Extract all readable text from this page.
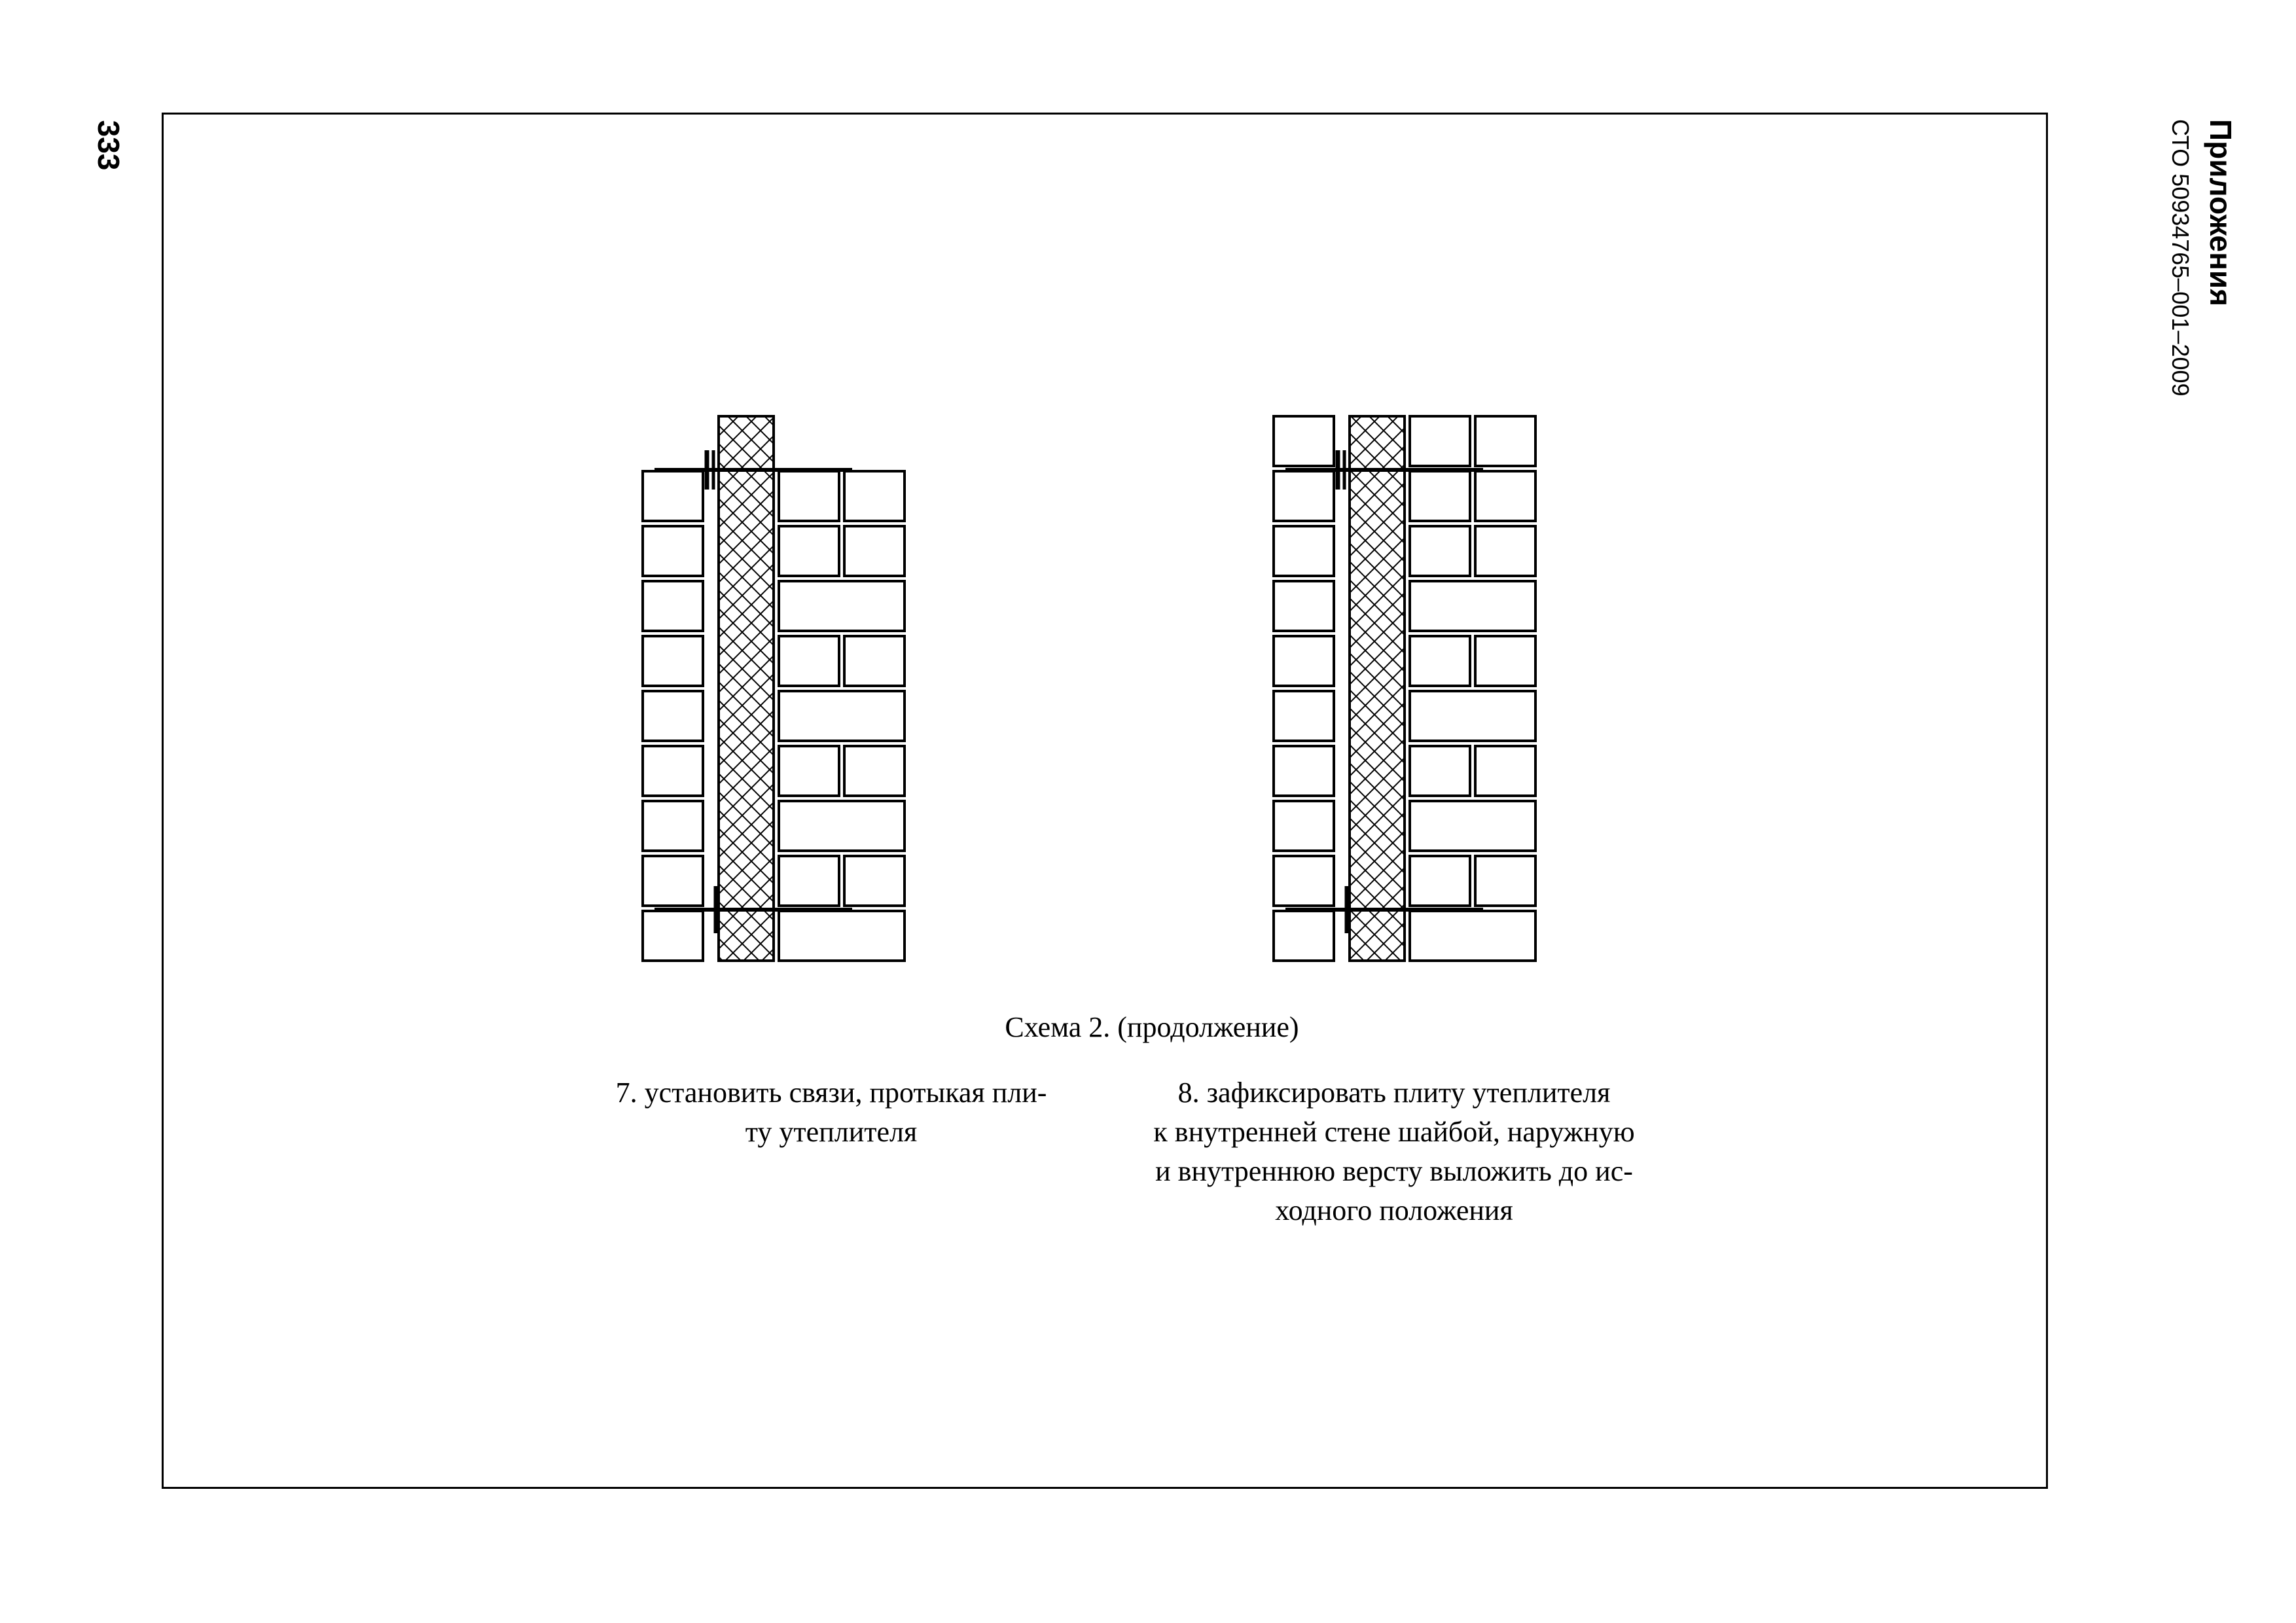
333	Приложения
СТО 50934765–001–2009
Схема 2. (продолжение)
7. установить связи, протыкая пли-
ту утеплителя
8. зафиксировать плиту утеплителя
к внутренней стене шайбой, наружную
и внутреннюю версту выложить до ис-
ходного положения
